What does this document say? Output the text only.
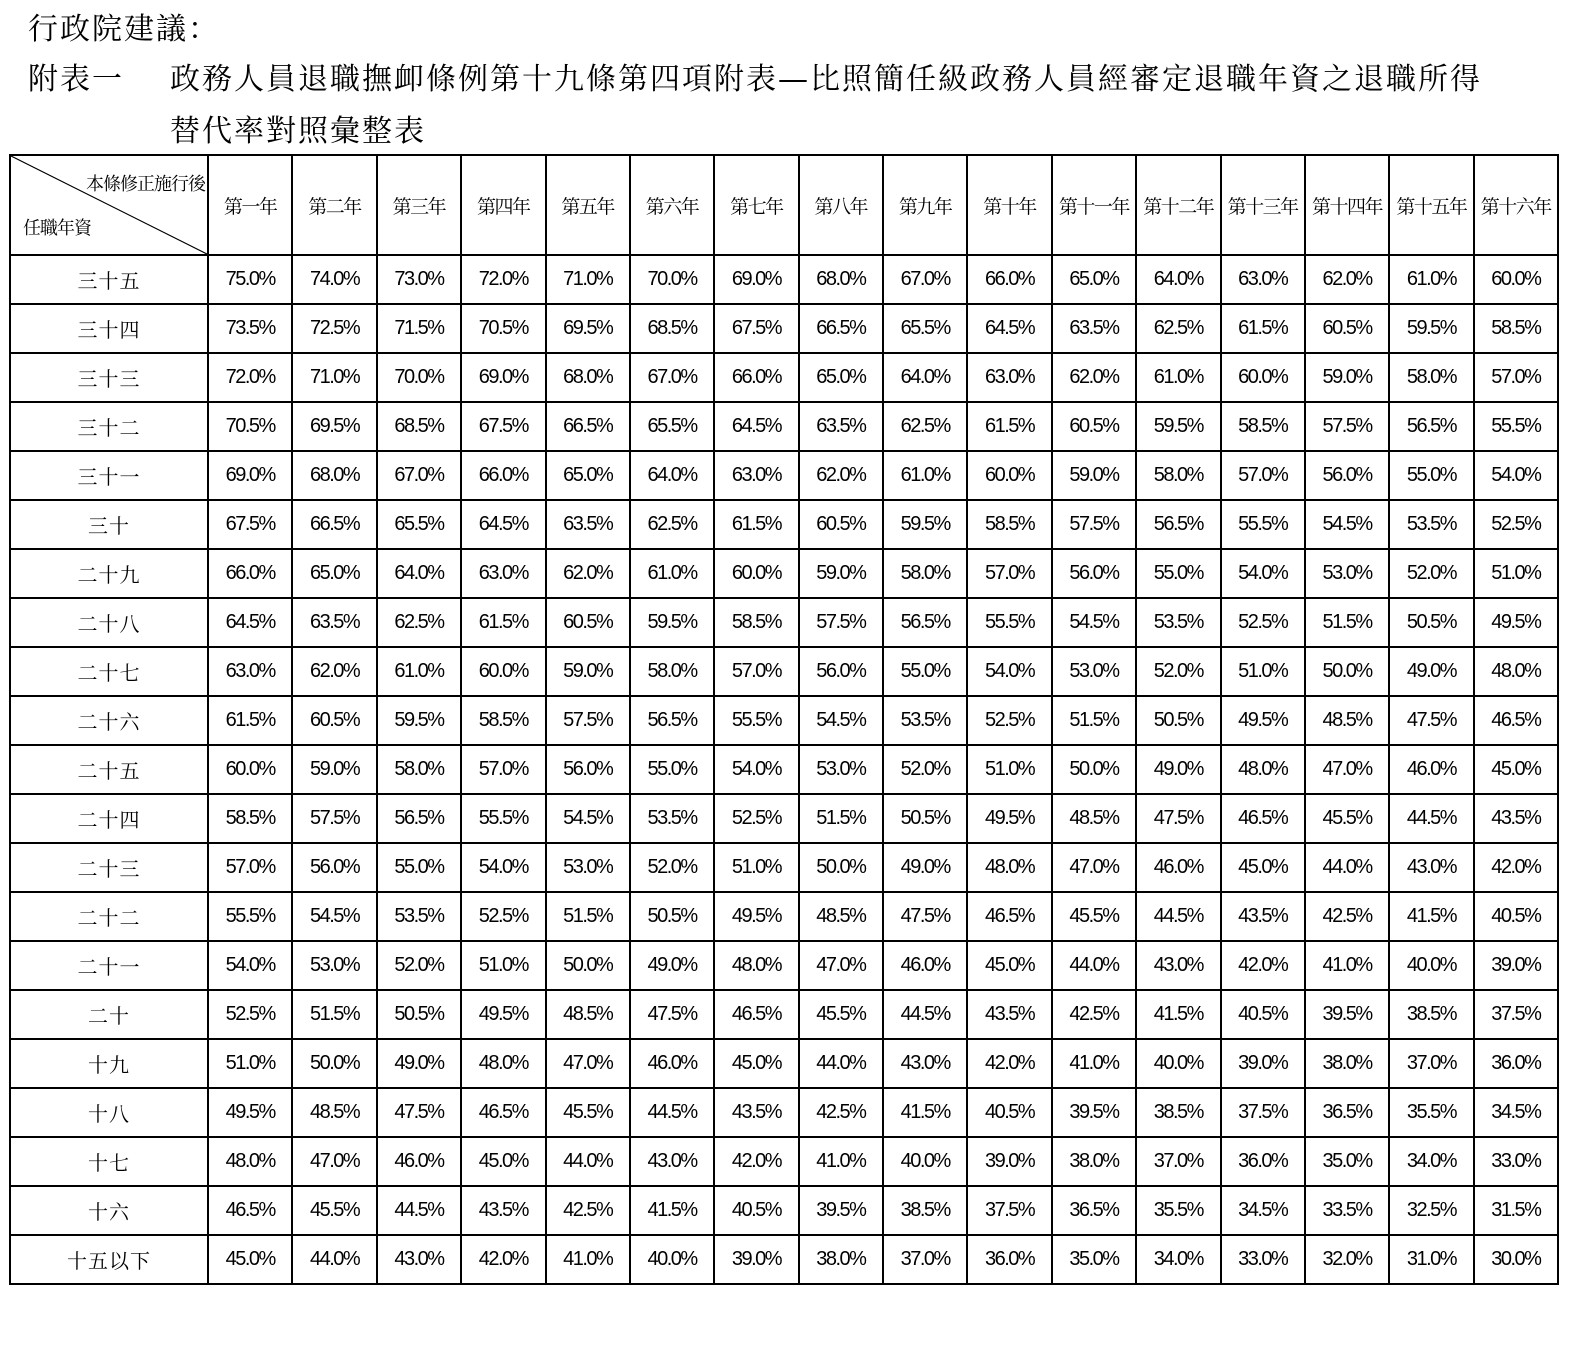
行政院建議：
附表一 政務人員退職撫卹條例第十九條第四項附表—比照簡任級政務人員經審定退職年資之退職所得
替代率對照彙整表
本條修正施行後
任職年資	第一年	第二年	第三年	第四年	第五年	第六年	第七年	第八年	第九年	第十年	第十一年	第十二年	第十三年	第十四年	第十五年	第十六年
三十五	75.0%	74.0%	73.0%	72.0%	71.0%	70.0%	69.0%	68.0%	67.0%	66.0%	65.0%	64.0%	63.0%	62.0%	61.0%	60.0%
三十四	73.5%	72.5%	71.5%	70.5%	69.5%	68.5%	67.5%	66.5%	65.5%	64.5%	63.5%	62.5%	61.5%	60.5%	59.5%	58.5%
三十三	72.0%	71.0%	70.0%	69.0%	68.0%	67.0%	66.0%	65.0%	64.0%	63.0%	62.0%	61.0%	60.0%	59.0%	58.0%	57.0%
三十二	70.5%	69.5%	68.5%	67.5%	66.5%	65.5%	64.5%	63.5%	62.5%	61.5%	60.5%	59.5%	58.5%	57.5%	56.5%	55.5%
三十一	69.0%	68.0%	67.0%	66.0%	65.0%	64.0%	63.0%	62.0%	61.0%	60.0%	59.0%	58.0%	57.0%	56.0%	55.0%	54.0%
三十	67.5%	66.5%	65.5%	64.5%	63.5%	62.5%	61.5%	60.5%	59.5%	58.5%	57.5%	56.5%	55.5%	54.5%	53.5%	52.5%
二十九	66.0%	65.0%	64.0%	63.0%	62.0%	61.0%	60.0%	59.0%	58.0%	57.0%	56.0%	55.0%	54.0%	53.0%	52.0%	51.0%
二十八	64.5%	63.5%	62.5%	61.5%	60.5%	59.5%	58.5%	57.5%	56.5%	55.5%	54.5%	53.5%	52.5%	51.5%	50.5%	49.5%
二十七	63.0%	62.0%	61.0%	60.0%	59.0%	58.0%	57.0%	56.0%	55.0%	54.0%	53.0%	52.0%	51.0%	50.0%	49.0%	48.0%
二十六	61.5%	60.5%	59.5%	58.5%	57.5%	56.5%	55.5%	54.5%	53.5%	52.5%	51.5%	50.5%	49.5%	48.5%	47.5%	46.5%
二十五	60.0%	59.0%	58.0%	57.0%	56.0%	55.0%	54.0%	53.0%	52.0%	51.0%	50.0%	49.0%	48.0%	47.0%	46.0%	45.0%
二十四	58.5%	57.5%	56.5%	55.5%	54.5%	53.5%	52.5%	51.5%	50.5%	49.5%	48.5%	47.5%	46.5%	45.5%	44.5%	43.5%
二十三	57.0%	56.0%	55.0%	54.0%	53.0%	52.0%	51.0%	50.0%	49.0%	48.0%	47.0%	46.0%	45.0%	44.0%	43.0%	42.0%
二十二	55.5%	54.5%	53.5%	52.5%	51.5%	50.5%	49.5%	48.5%	47.5%	46.5%	45.5%	44.5%	43.5%	42.5%	41.5%	40.5%
二十一	54.0%	53.0%	52.0%	51.0%	50.0%	49.0%	48.0%	47.0%	46.0%	45.0%	44.0%	43.0%	42.0%	41.0%	40.0%	39.0%
二十	52.5%	51.5%	50.5%	49.5%	48.5%	47.5%	46.5%	45.5%	44.5%	43.5%	42.5%	41.5%	40.5%	39.5%	38.5%	37.5%
十九	51.0%	50.0%	49.0%	48.0%	47.0%	46.0%	45.0%	44.0%	43.0%	42.0%	41.0%	40.0%	39.0%	38.0%	37.0%	36.0%
十八	49.5%	48.5%	47.5%	46.5%	45.5%	44.5%	43.5%	42.5%	41.5%	40.5%	39.5%	38.5%	37.5%	36.5%	35.5%	34.5%
十七	48.0%	47.0%	46.0%	45.0%	44.0%	43.0%	42.0%	41.0%	40.0%	39.0%	38.0%	37.0%	36.0%	35.0%	34.0%	33.0%
十六	46.5%	45.5%	44.5%	43.5%	42.5%	41.5%	40.5%	39.5%	38.5%	37.5%	36.5%	35.5%	34.5%	33.5%	32.5%	31.5%
十五以下	45.0%	44.0%	43.0%	42.0%	41.0%	40.0%	39.0%	38.0%	37.0%	36.0%	35.0%	34.0%	33.0%	32.0%	31.0%	30.0%
